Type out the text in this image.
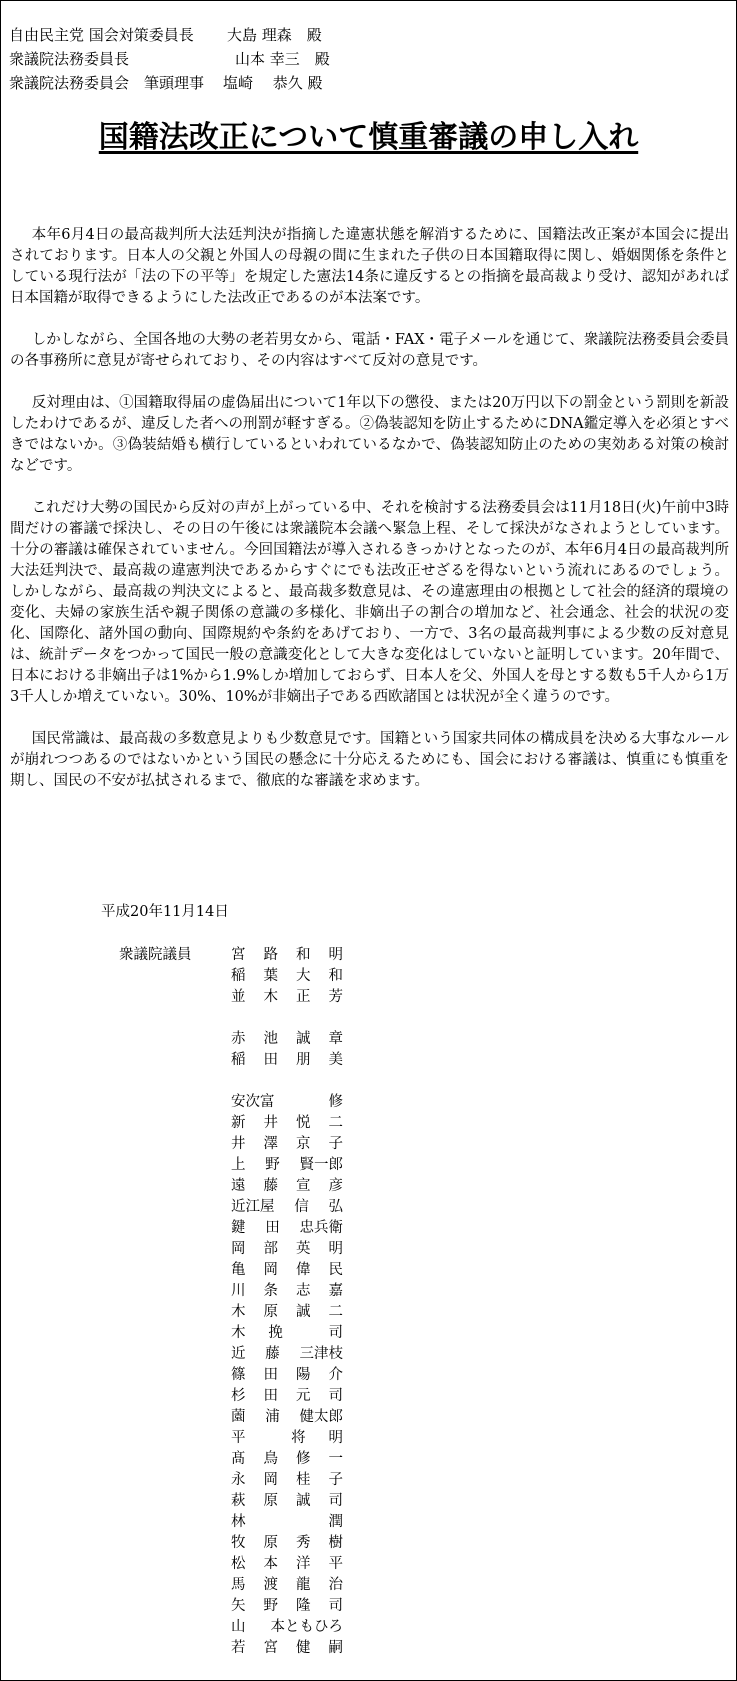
自由民主党 国会対策委員長 大島 理森　殿
衆議院法務委員長	山本 幸三　殿
衆議院法務委員会　筆頭理事 塩崎　 恭久 殿
国籍法改正について慎重審議の申し入れ

本年6月4日の最高裁判所大法廷判決が指摘した違憲状態を解消するために、国籍法改正案が本国会に提出されております。日本人の父親と外国人の母親の間に生まれた子供の日本国籍取得に関し、婚姻関係を条件としている現行法が「法の下の平等」を規定した憲法14条に違反するとの指摘を最高裁より受け、認知があれば日本国籍が取得できるようにした法改正であるのが本法案です。

しかしながら、全国各地の大勢の老若男女から、電話・FAX・電子メールを通じて、衆議院法務委員会委員の各事務所に意見が寄せられており、その内容はすべて反対の意見です。

反対理由は、①国籍取得届の虚偽届出について1年以下の懲役、または20万円以下の罰金という罰則を新設したわけであるが、違反した者への刑罰が軽すぎる。②偽装認知を防止するためにDNA鑑定導入を必須とすべきではないか。③偽装結婚も横行しているといわれているなかで、偽装認知防止のための実効ある対策の検討などです。

これだけ大勢の国民から反対の声が上がっている中、それを検討する法務委員会は11月18日(火)午前中3時間だけの審議で採決し、その日の午後には衆議院本会議へ緊急上程、そして採決がなされようとしています。十分の審議は確保されていません。今回国籍法が導入されるきっかけとなったのが、本年6月4日の最高裁判所大法廷判決で、最高裁の違憲判決であるからすぐにでも法改正せざるを得ないという流れにあるのでしょう。しかしながら、最高裁の判決文によると、最高裁多数意見は、その違憲理由の根拠として社会的経済的環境の変化、夫婦の家族生活や親子関係の意識の多様化、非嫡出子の割合の増加など、社会通念、社会的状況の変化、国際化、諸外国の動向、国際規約や条約をあげており、一方で、3名の最高裁判事による少数の反対意見は、統計データをつかって国民一般の意識変化として大きな変化はしていないと証明しています。20年間で、日本における非嫡出子は1%から1.9%しか増加しておらず、日本人を父、外国人を母とする数も5千人から1万3千人しか増えていない。30%、10%が非嫡出子である西欧諸国とは状況が全く違うのです。

国民常識は、最高裁の多数意見よりも少数意見です。国籍という国家共同体の構成員を決める大事なルールが崩れつつあるのではないかという国民の懸念に十分応えるためにも、国会における審議は、慎重にも慎重を期し、国民の不安が払拭されるまで、徹底的な審議を求めます。

平成20年11月14日
衆議院議員	宮 路 和 明
稲 葉 大 和
並 木 正 芳
赤 池 誠 章
稲 田 朋 美
安次富	修
新 井 悦 二
井 澤 京 子
上 野 賢一郎
遠 藤 宣 彦
近江屋 信 弘
鍵 田 忠兵衛
岡 部 英 明
亀 岡 偉 民
川 条 志 嘉
木 原 誠 二
木 挽	司
近 藤 三津枝
篠 田 陽 介
杉 田 元 司
薗 浦 健太郎
平	将 明
髙 鳥 修 一
永 岡 桂 子
萩 原 誠 司
林	潤
牧 原 秀 樹
松 本 洋 平
馬 渡 龍 治
矢 野 隆 司
山 本ともひろ
若 宮 健 嗣
